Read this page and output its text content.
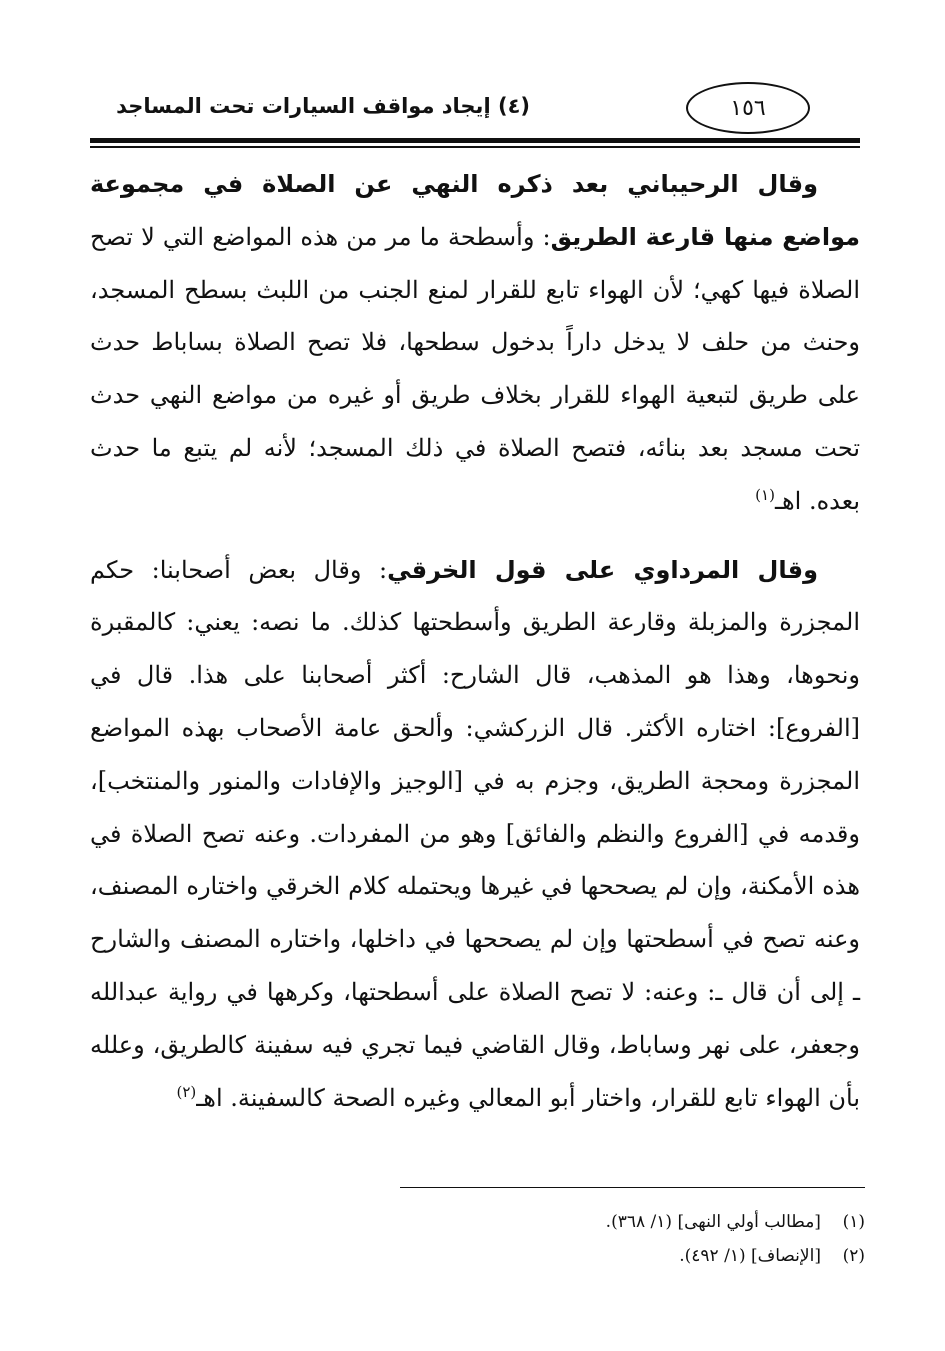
(٤) إيجاد مواقف السيارات تحت المساجد	١٥٦

وقال الرحيباني بعد ذكره النهي عن الصلاة في مجموعة مواضع منها قارعة الطريق: وأسطحة ما مر من هذه المواضع التي لا تصح الصلاة فيها كهي؛ لأن الهواء تابع للقرار لمنع الجنب من اللبث بسطح المسجد، وحنث من حلف لا يدخل داراً بدخول سطحها، فلا تصح الصلاة بساباط حدث على طريق لتبعية الهواء للقرار بخلاف طريق أو غيره من مواضع النهي حدث تحت مسجد بعد بنائه، فتصح الصلاة في ذلك المسجد؛ لأنه لم يتبع ما حدث بعده. اهـ$^{(١)}$

وقال المرداوي على قول الخرقي: وقال بعض أصحابنا: حكم المجزرة والمزبلة وقارعة الطريق وأسطحتها كذلك. ما نصه: يعني: كالمقبرة ونحوها، وهذا هو المذهب، قال الشارح: أكثر أصحابنا على هذا. قال في [الفروع]: اختاره الأكثر. قال الزركشي: وألحق عامة الأصحاب بهذه المواضع المجزرة ومحجة الطريق، وجزم به في [الوجيز والإفادات والمنور والمنتخب]، وقدمه في [الفروع والنظم والفائق] وهو من المفردات. وعنه تصح الصلاة في هذه الأمكنة، وإن لم يصححها في غيرها ويحتمله كلام الخرقي واختاره المصنف، وعنه تصح في أسطحتها وإن لم يصححها في داخلها، واختاره المصنف والشارح ـ إلى أن قال ـ: وعنه: لا تصح الصلاة على أسطحتها، وكرهها في رواية عبدالله وجعفر، على نهر وساباط، وقال القاضي فيما تجري فيه سفينة كالطريق، وعلله بأن الهواء تابع للقرار، واختار أبو المعالي وغيره الصحة كالسفينة. اهـ$^{(٢)}$

(١)    [مطالب أولي النهى] (١/ ٣٦٨).
(٢)    [الإنصاف] (١/ ٤٩٢).
